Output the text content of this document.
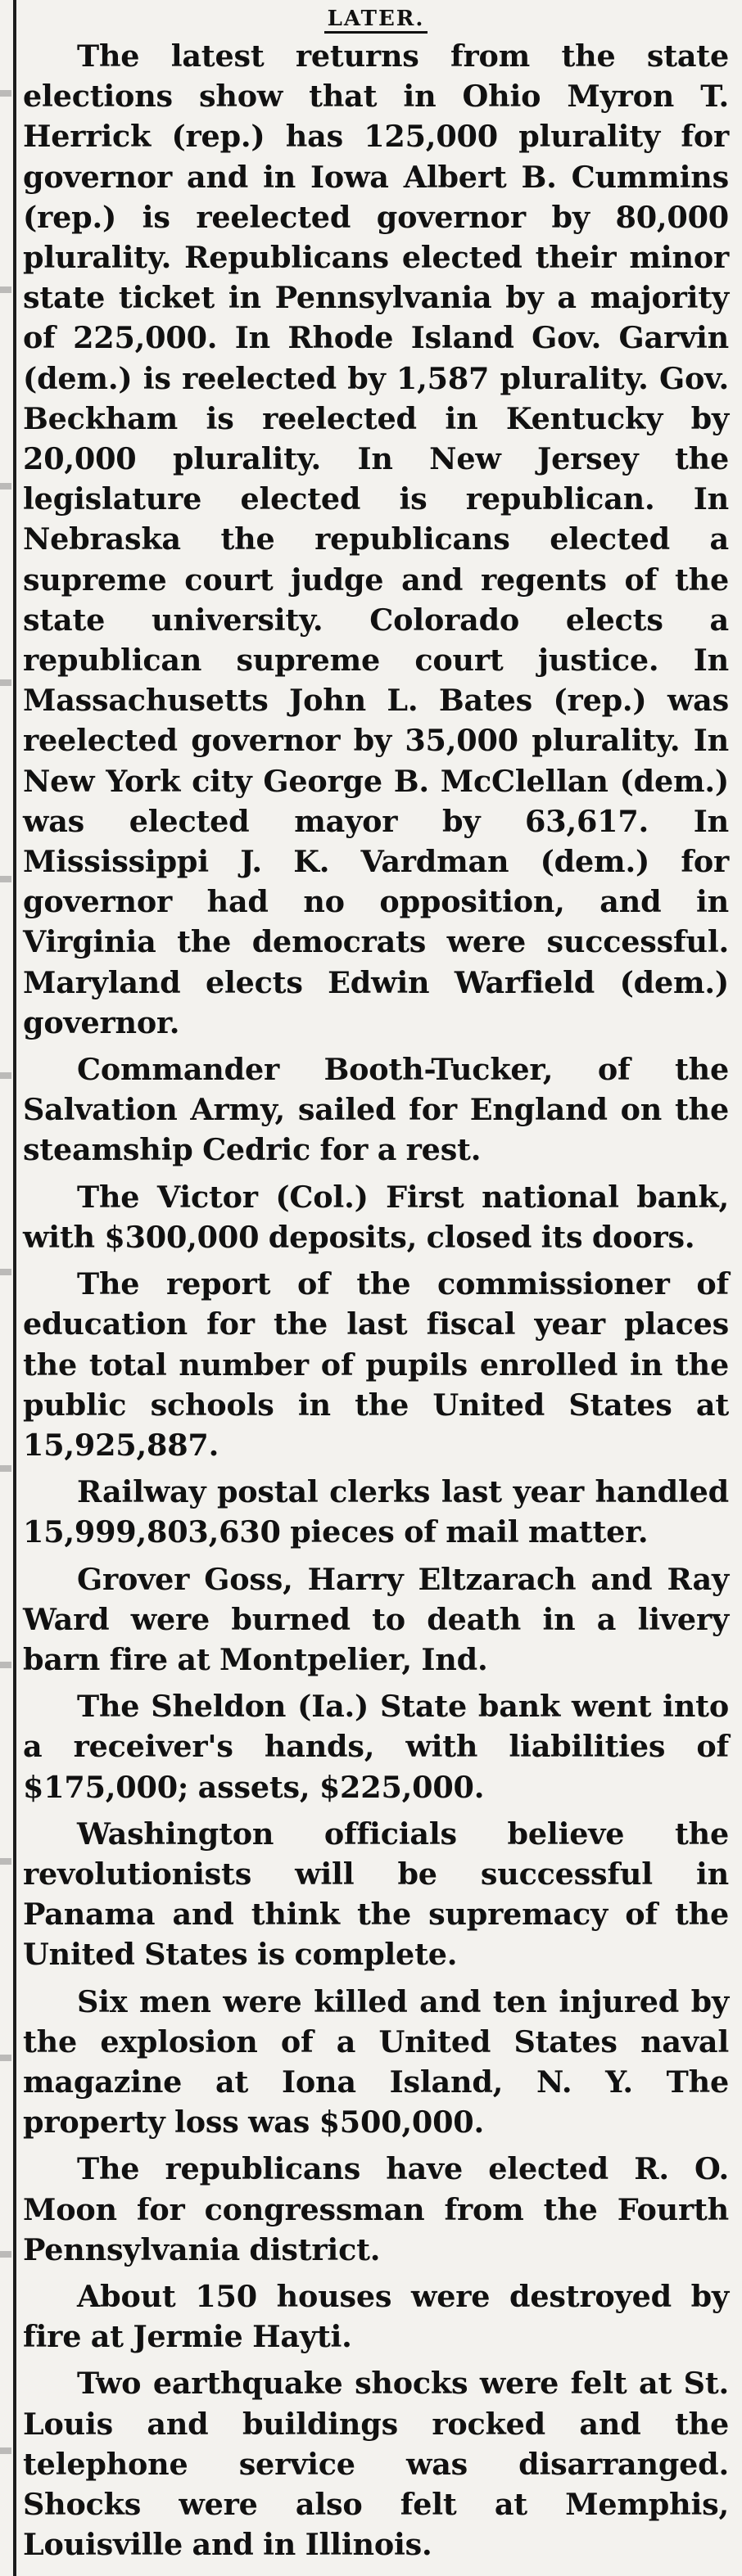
LATER.

The latest returns from the state elections show that in Ohio Myron T. Herrick (rep.) has 125,000 plurality for governor and in Iowa Albert B. Cummins (rep.) is reelected governor by 80,000 plurality. Republicans elected their minor state ticket in Pennsylvania by a majority of 225,000. In Rhode Island Gov. Garvin (dem.) is reelected by 1,587 plurality. Gov. Beckham is reelected in Kentucky by 20,000 plurality. In New Jersey the legislature elected is republican. In Nebraska the republicans elected a supreme court judge and regents of the state university. Colorado elects a republican supreme court justice. In Massachusetts John L. Bates (rep.) was reelected governor by 35,000 plurality. In New York city George B. McClellan (dem.) was elected mayor by 63,617. In Mississippi J. K. Vardman (dem.) for governor had no opposition, and in Virginia the democrats were successful. Maryland elects Edwin Warfield (dem.) governor.

Commander Booth-Tucker, of the Salvation Army, sailed for England on the steamship Cedric for a rest.

The Victor (Col.) First national bank, with $300,000 deposits, closed its doors.

The report of the commissioner of education for the last fiscal year places the total number of pupils enrolled in the public schools in the United States at 15,925,887.

Railway postal clerks last year handled 15,999,803,630 pieces of mail matter.

Grover Goss, Harry Eltzarach and Ray Ward were burned to death in a livery barn fire at Montpelier, Ind.

The Sheldon (Ia.) State bank went into a receiver's hands, with liabilities of $175,000; assets, $225,000.

Washington officials believe the revolutionists will be successful in Panama and think the supremacy of the United States is complete.

Six men were killed and ten injured by the explosion of a United States naval magazine at Iona Island, N. Y. The property loss was $500,000.

The republicans have elected R. O. Moon for congressman from the Fourth Pennsylvania district.

About 150 houses were destroyed by fire at Jermie Hayti.

Two earthquake shocks were felt at St. Louis and buildings rocked and the telephone service was disarranged. Shocks were also felt at Memphis, Louisville and in Illinois.
